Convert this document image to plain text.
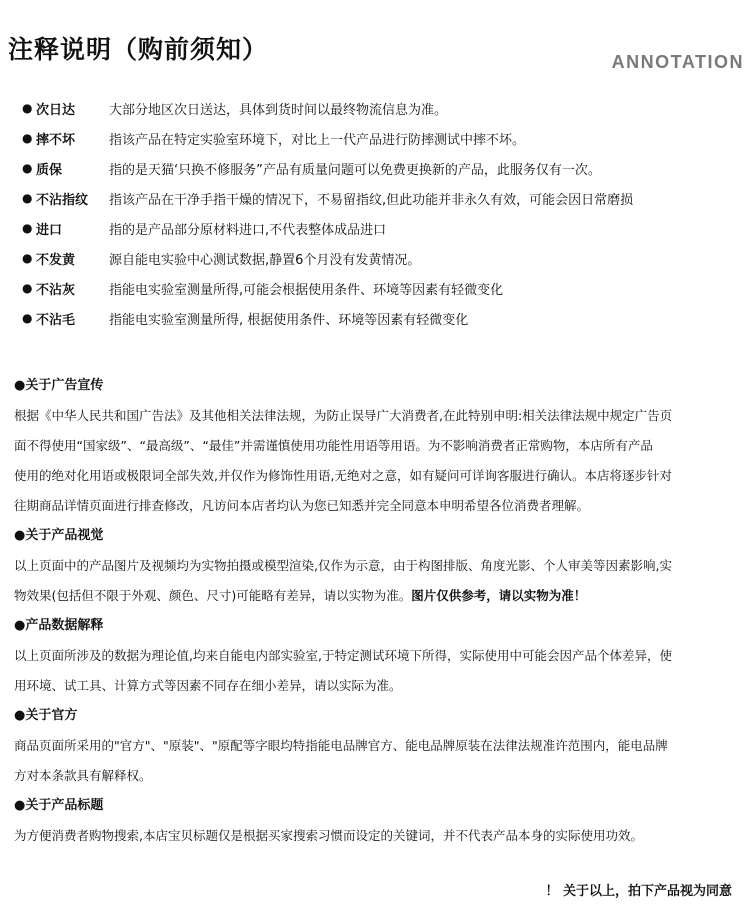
注释说明（购前须知）	ANNOTATION
● 次日达	大部分地区次日送达，具体到货时间以最终物流信息为准。
● 摔不坏	指该产品在特定实验室环境下，对比上一代产品进行防摔测试中摔不坏。
● 质保	指的是天猫‘只换不修服务”产品有质量问题可以免费更换新的产品，此服务仅有一次。
● 不沾指纹 指该产品在干净手指干燥的情况下，不易留指纹,但此功能并非永久有效，可能会因日常磨损
● 进口	指的是产品部分原材料进口,不代表整体成品进口
● 不发黄	源自能电实验中心测试数据,静置6个月没有发黄情况。
● 不沾灰	指能电实验室测量所得,可能会根据使用条件、环境等因素有轻微变化
● 不沾毛	指能电实验室测量所得, 根据使用条件、环境等因素有轻微变化
●关于广告宣传
根据《中华人民共和国广告法》及其他相关法律法规，为防止误导广大消费者,在此特别申明:相关法律法规中规定广告页
面不得使用“国家级”、“最高级”、“最佳”并需谨慎使用功能性用语等用语。为不影响消费者正常购物，本店所有产品
使用的绝对化用语或极限词全部失效,并仅作为修饰性用语,无绝对之意，如有疑问可详询客服进行确认。本店将逐步针对
往期商品详情页面进行排查修改，凡访问本店者均认为您已知悉并完全同意本申明希望各位消费者理解。
●关于产品视觉
以上页面中的产品图片及视频均为实物拍摄或模型渲染,仅作为示意，由于构图排版、角度光影、个人审美等因素影响,实
物效果(包括但不限于外观、颜色、尺寸)可能略有差异，请以实物为准。图片仅供参考，请以实物为准！
●产品数据解释
以上页面所涉及的数据为理论值,均来自能电内部实验室,于特定测试环境下所得，实际使用中可能会因产品个体差异，使
用环境、试工具、计算方式等因素不同存在细小差异，请以实际为准。
●关于官方
商品页面所采用的"官方"、"原装"、"原配等字眼均特指能电品牌官方、能电品牌原装在法律法规准许范围内，能电品牌
方对本条款具有解释权。
●关于产品标题
为方便消费者购物搜索,本店宝贝标题仅是根据买家搜索习惯而设定的关键词，并不代表产品本身的实际使用功效。
！ 关于以上，拍下产品视为同意
